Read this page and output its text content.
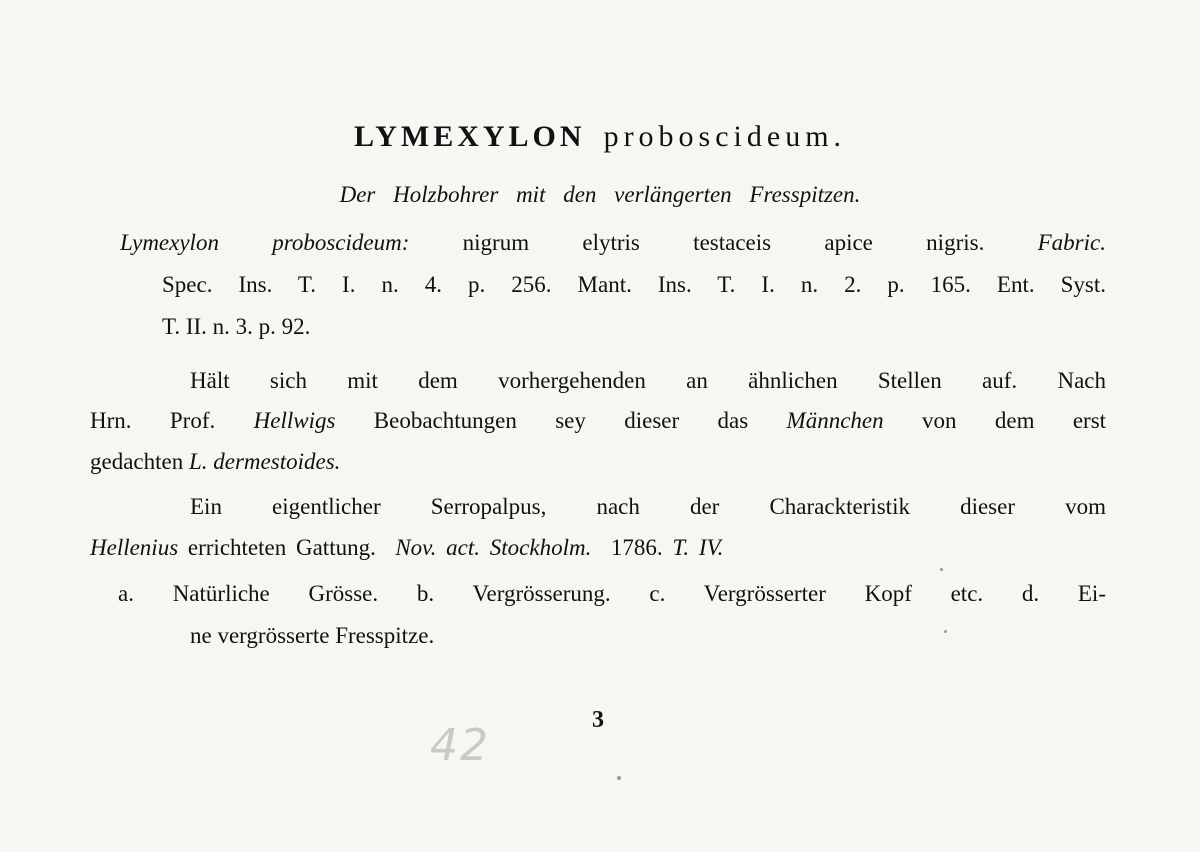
LYMEXYLON proboscideum.
Der Holzbohrer mit den verlängerten Fresspitzen.
Lymexylon proboscideum: nigrum elytris testaceis apice nigris. Fabric.
Spec. Ins. T. I. n. 4. p. 256. Mant. Ins. T. I. n. 2. p. 165. Ent. Syst.
T. II. n. 3. p. 92.
Hält sich mit dem vorhergehenden an ähnlichen Stellen auf. Nach
Hrn. Prof. Hellwigs Beobachtungen sey dieser das Männchen von dem erst
gedachten L. dermestoides.
Ein eigentlicher Serropalpus, nach der Charackteristik dieser vom
Hellenius errichteten Gattung. Nov. act. Stockholm. 1786. T. IV.
a. Natürliche Grösse. b. Vergrösserung. c. Vergrösserter Kopf etc. d. Ei-
ne vergrösserte Fresspitze.
3
42
